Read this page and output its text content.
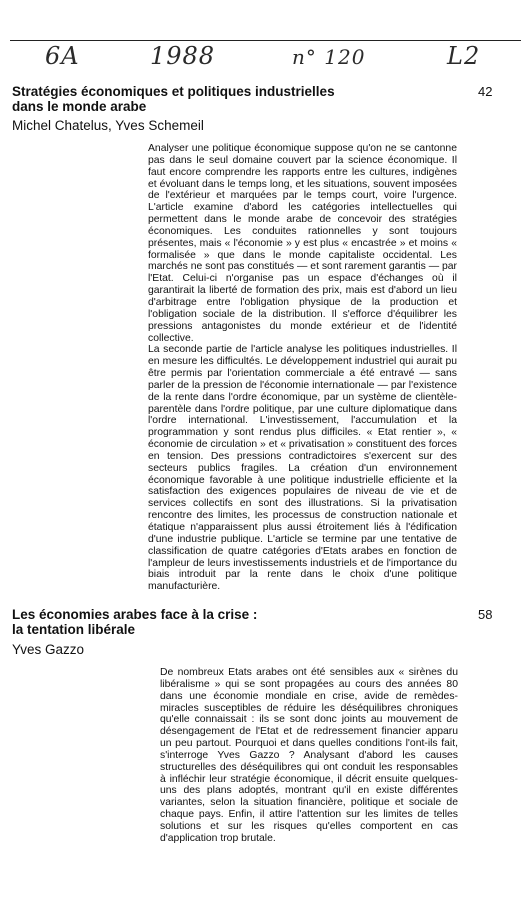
6A	1988	n° 120	L2
Stratégies économiques et politiques industrielles
dans le monde arabe
42
Michel Chatelus, Yves Schemeil

Analyser une politique économique suppose qu'on ne se cantonne pas dans le seul domaine couvert par la science économique. Il faut encore comprendre les rapports entre les cultures, indigènes et évoluant dans le temps long, et les situations, souvent imposées de l'extérieur et marquées par le temps court, voire l'urgence. L'article examine d'abord les catégories intellectuelles qui permettent dans le monde arabe de concevoir des stratégies économiques. Les conduites rationnelles y sont toujours présentes, mais « l'économie » y est plus « encastrée » et moins « formalisée » que dans le monde capitaliste occidental. Les marchés ne sont pas constitués — et sont rarement garantis — par l'Etat. Celui-ci n'organise pas un espace d'échanges où il garantirait la liberté de formation des prix, mais est d'abord un lieu d'arbitrage entre l'obligation physique de la production et l'obligation sociale de la distribution. Il s'efforce d'équilibrer les pressions antagonistes du monde extérieur et de l'identité collective.

La seconde partie de l'article analyse les politiques industrielles. Il en mesure les difficultés. Le développement industriel qui aurait pu être permis par l'orientation commerciale a été entravé — sans parler de la pression de l'économie internationale — par l'existence de la rente dans l'ordre économique, par un système de clientèle-parentèle dans l'ordre politique, par une culture diplomatique dans l'ordre international. L'investissement, l'accumulation et la programmation y sont rendus plus difficiles. « Etat rentier », « économie de circulation » et « privatisation » constituent des forces en tension. Des pressions contradictoires s'exercent sur des secteurs publics fragiles. La création d'un environnement économique favorable à une politique industrielle efficiente et la satisfaction des exigences populaires de niveau de vie et de services collectifs en sont des illustrations. Si la privatisation rencontre des limites, les processus de construction nationale et étatique n'apparaissent plus aussi étroitement liés à l'édification d'une industrie publique. L'article se termine par une tentative de classification de quatre catégories d'Etats arabes en fonction de l'ampleur de leurs investissements industriels et de l'importance du biais introduit par la rente dans le choix d'une politique manufacturière.

Les économies arabes face à la crise :
la tentation libérale
58
Yves Gazzo

De nombreux Etats arabes ont été sensibles aux « sirènes du libéralisme » qui se sont propagées au cours des années 80 dans une économie mondiale en crise, avide de remèdes-miracles susceptibles de réduire les déséquilibres chroniques qu'elle connaissait : ils se sont donc joints au mouvement de désengagement de l'Etat et de redressement financier apparu un peu partout. Pourquoi et dans quelles conditions l'ont-ils fait, s'interroge Yves Gazzo ? Analysant d'abord les causes structurelles des déséquilibres qui ont conduit les responsables à infléchir leur stratégie économique, il décrit ensuite quelques-uns des plans adoptés, montrant qu'il en existe différentes variantes, selon la situation financière, politique et sociale de chaque pays. Enfin, il attire l'attention sur les limites de telles solutions et sur les risques qu'elles comportent en cas d'application trop brutale.
